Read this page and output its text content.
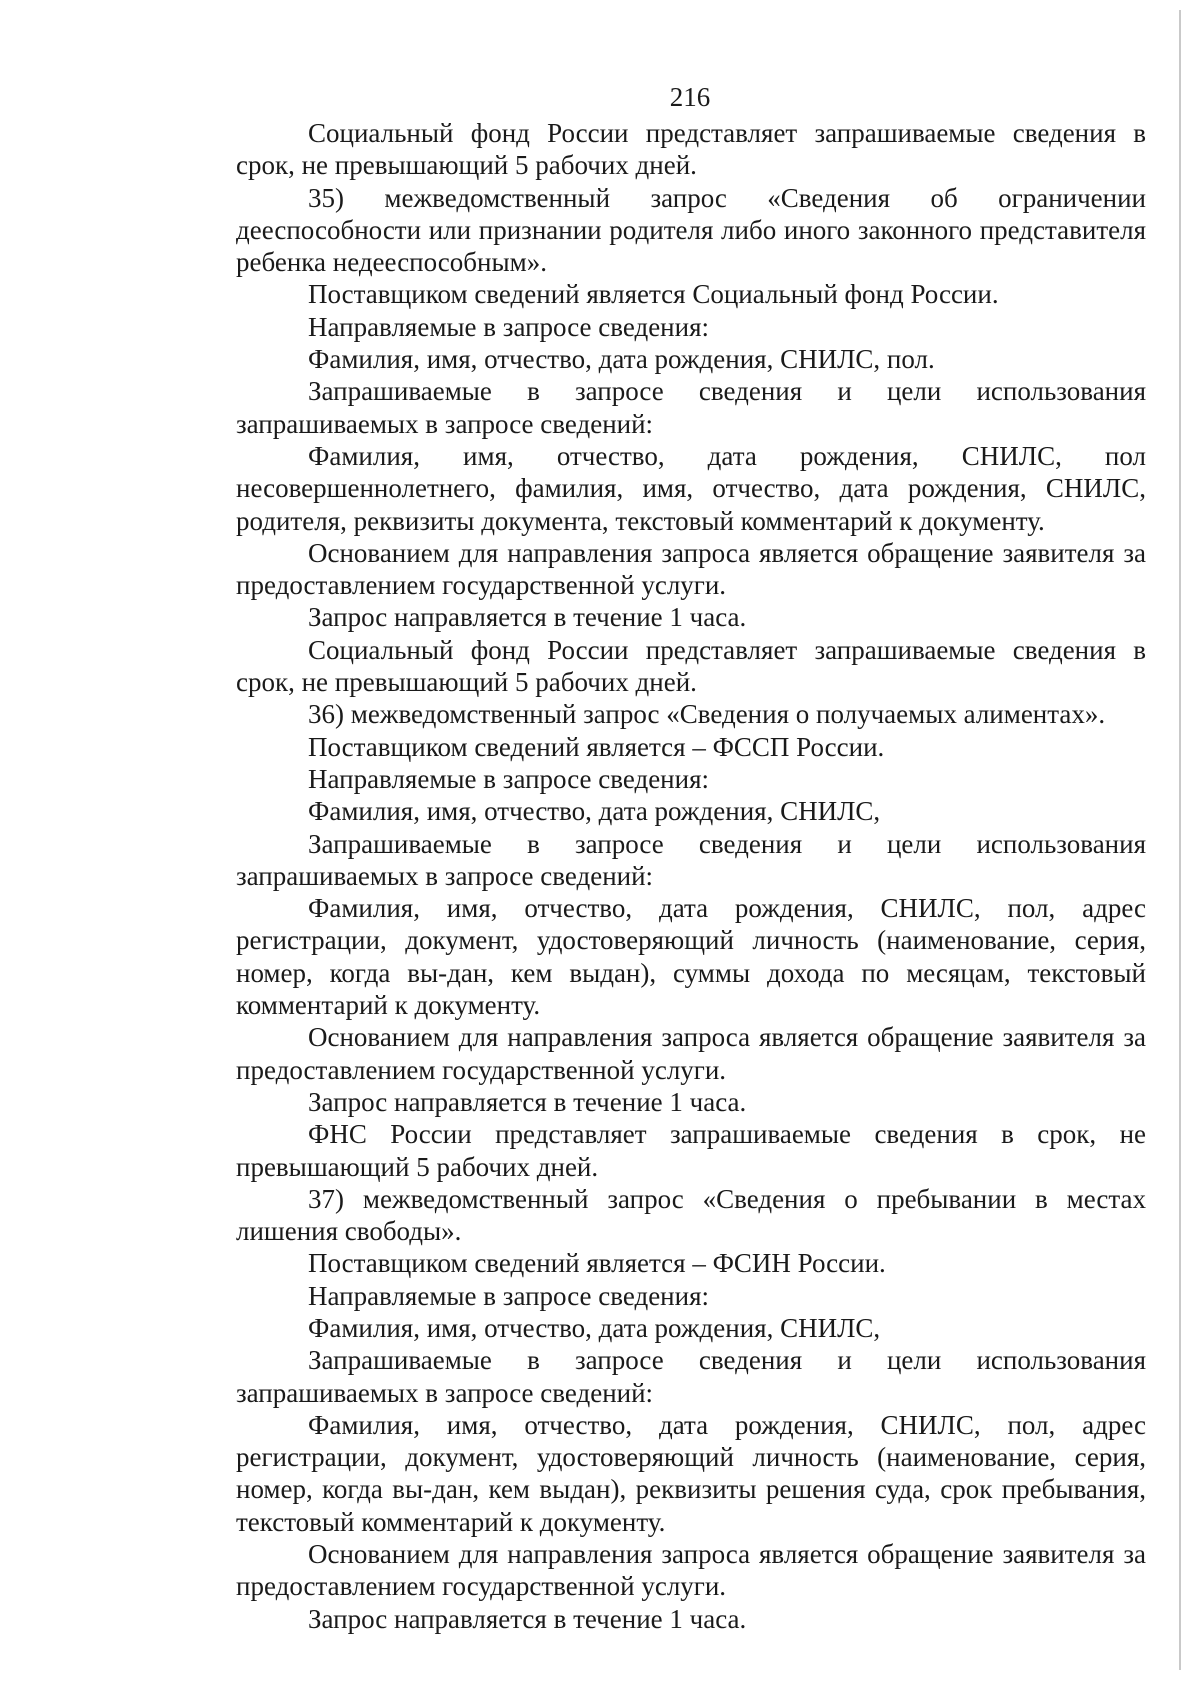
216

Социальный фонд России представляет запрашиваемые сведения в срок, не превышающий 5 рабочих дней.

35) межведомственный запрос «Сведения об ограничении дееспособности или признании родителя либо иного законного представителя ребенка недееспособным».

Поставщиком сведений является Социальный фонд России.

Направляемые в запросе сведения:

Фамилия, имя, отчество, дата рождения, СНИЛС, пол.

Запрашиваемые в запросе сведения и цели использования запрашиваемых в запросе сведений:

Фамилия, имя, отчество, дата рождения, СНИЛС, пол несовершеннолетнего, фамилия, имя, отчество, дата рождения, СНИЛС, родителя, реквизиты документа, текстовый комментарий к документу.

Основанием для направления запроса является обращение заявителя за предоставлением государственной услуги.

Запрос направляется в течение 1 часа.

Социальный фонд России представляет запрашиваемые сведения в срок, не превышающий 5 рабочих дней.

36) межведомственный запрос «Сведения о получаемых алиментах».

Поставщиком сведений является – ФССП России.

Направляемые в запросе сведения:

Фамилия, имя, отчество, дата рождения, СНИЛС,

Запрашиваемые в запросе сведения и цели использования запрашиваемых в запросе сведений:

Фамилия, имя, отчество, дата рождения, СНИЛС, пол, адрес регистрации, документ, удостоверяющий личность (наименование, серия, номер, когда вы-дан, кем выдан), суммы дохода по месяцам, текстовый комментарий к документу.

Основанием для направления запроса является обращение заявителя за предоставлением государственной услуги.

Запрос направляется в течение 1 часа.

ФНС России представляет запрашиваемые сведения в срок, не превышающий 5 рабочих дней.

37) межведомственный запрос «Сведения о пребывании в местах лишения свободы».

Поставщиком сведений является – ФСИН России.

Направляемые в запросе сведения:

Фамилия, имя, отчество, дата рождения, СНИЛС,

Запрашиваемые в запросе сведения и цели использования запрашиваемых в запросе сведений:

Фамилия, имя, отчество, дата рождения, СНИЛС, пол, адрес регистрации, документ, удостоверяющий личность (наименование, серия, номер, когда вы-дан, кем выдан), реквизиты решения суда, срок пребывания, текстовый комментарий к документу.

Основанием для направления запроса является обращение заявителя за предоставлением государственной услуги.

Запрос направляется в течение 1 часа.
